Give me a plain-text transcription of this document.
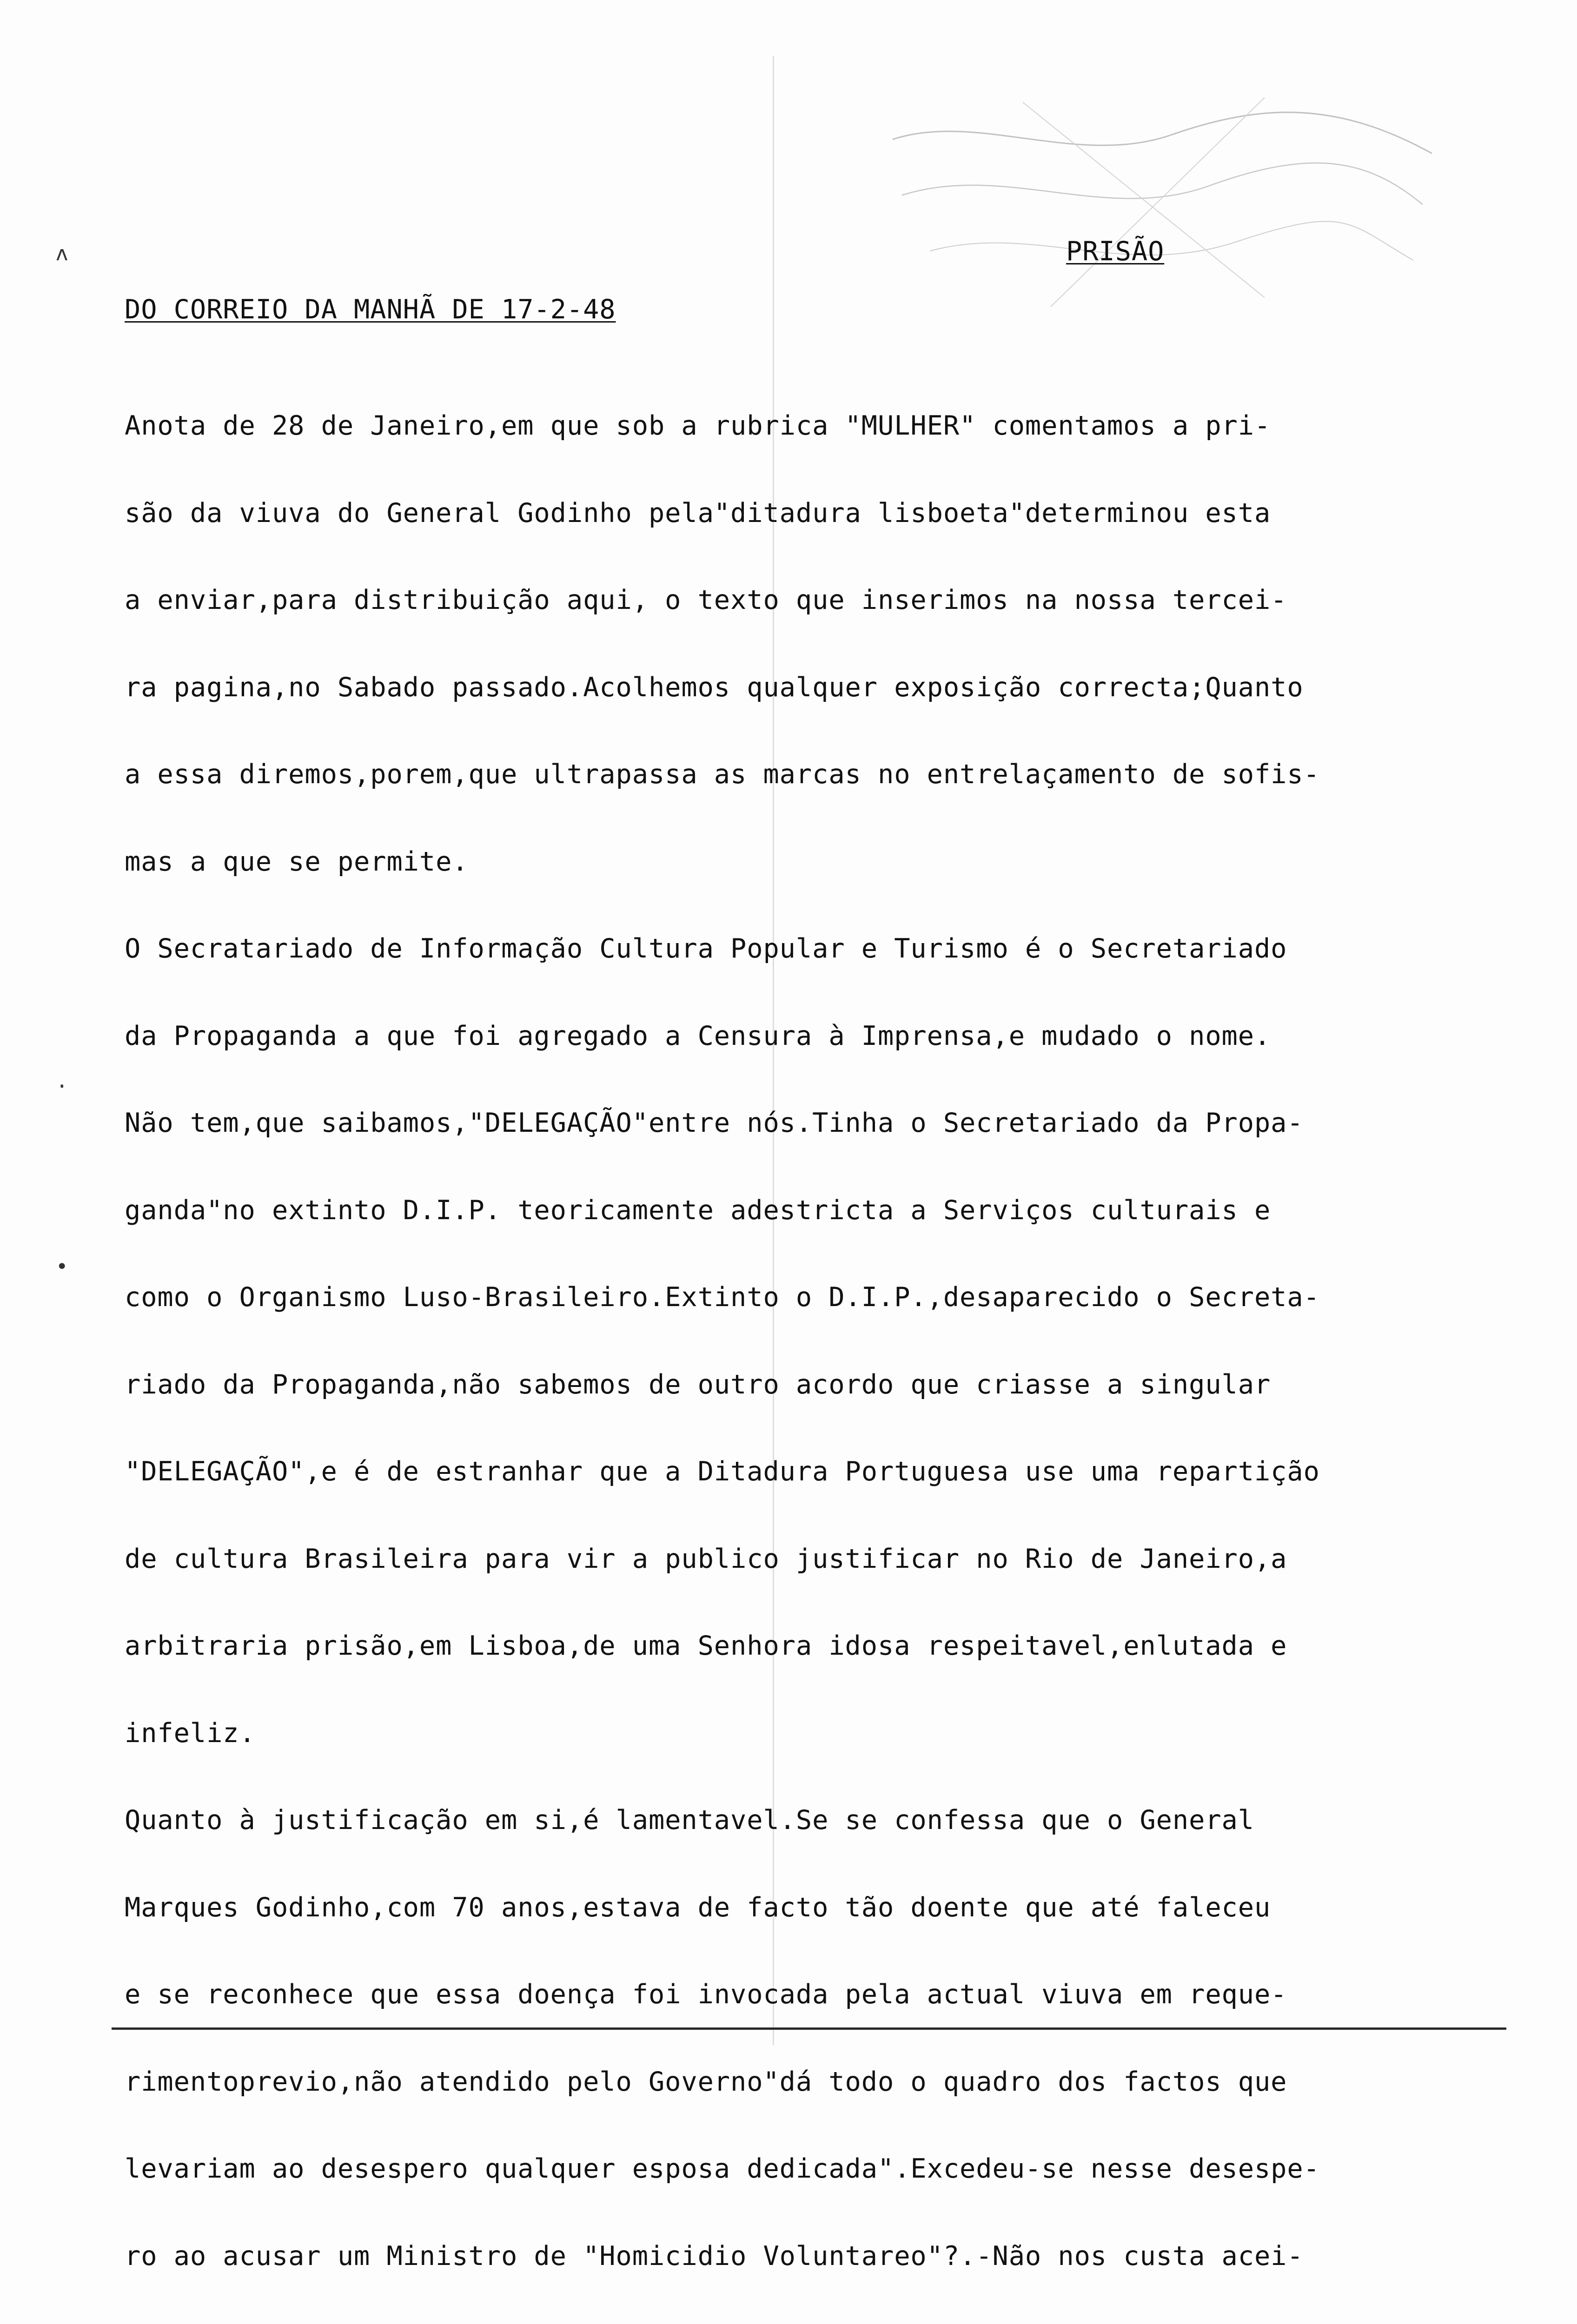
ʌ
.
•

DO CORREIO DA MANHÃ DE 17-2-48

PRISÃO

Anota de 28 de Janeiro,em que sob a rubrica "MULHER" comentamos a pri-

são da viuva do General Godinho pela"ditadura lisboeta"determinou esta

a enviar,para distribuição aqui, o texto que inserimos na nossa tercei-

ra pagina,no Sabado passado.Acolhemos qualquer exposição correcta;Quanto

a essa diremos,porem,que ultrapassa as marcas no entrelaçamento de sofis-

mas a que se permite.

O Secratariado de Informação Cultura Popular e Turismo é o Secretariado

da Propaganda a que foi agregado a Censura à Imprensa,e mudado o nome.

Não tem,que saibamos,"DELEGAÇÃO"entre nós.Tinha o Secretariado da Propa-

ganda"no extinto D.I.P. teoricamente adestricta a Serviços culturais e

como o Organismo Luso-Brasileiro.Extinto o D.I.P.,desaparecido o Secreta-

riado da Propaganda,não sabemos de outro acordo que criasse a singular

"DELEGAÇÃO",e é de estranhar que a Ditadura Portuguesa use uma repartição

de cultura Brasileira para vir a publico justificar no Rio de Janeiro,a

arbitraria prisão,em Lisboa,de uma Senhora idosa respeitavel,enlutada e

infeliz.

Quanto à justificação em si,é lamentavel.Se se confessa que o General

Marques Godinho,com 70 anos,estava de facto tão doente que até faleceu

e se reconhece que essa doença foi invocada pela actual viuva em reque-

rimentoprevio,não atendido pelo Governo"dá todo o quadro dos factos que

levariam ao desespero qualquer esposa dedicada".Excedeu-se nesse desespe-

ro ao acusar um Ministro de "Homicidio Voluntareo"?.-Não nos custa acei-
